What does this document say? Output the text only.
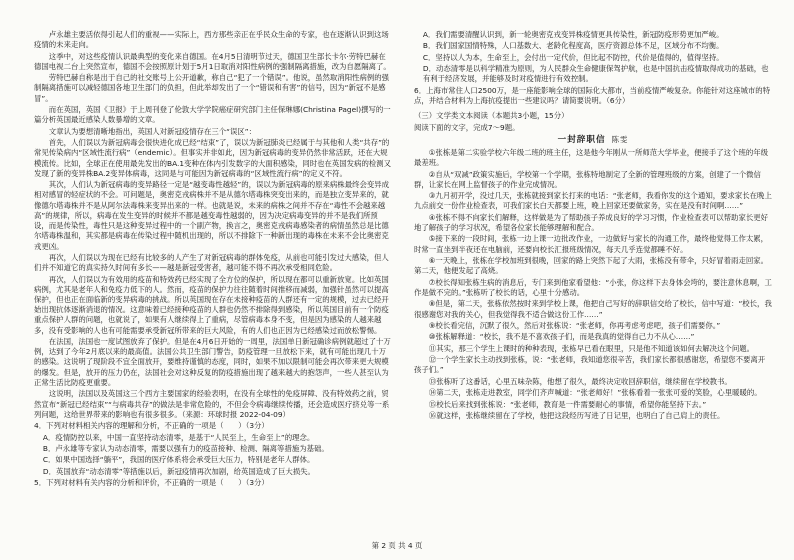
卢永雄主要活依得引起人们的重视——实际上，西方那些亲正在乎民众生命的专家，也在逐渐认识到这场疫情的未来走向。

这季中，对这些疫情认识最典型的变化来自德国。在4月5日清明节过天，德国卫生部长卡尔·劳特巴赫在德国电视二台上突然宣布，德国不会按照原计划于5月1日取消对阳性病例的强制隔离措施，改为自愿隔离了。

劳特巴赫自称是出于自己的社交账号上公开道歉，称自己“犯了一个错误”。他说，虽然取消阳性病例的强制隔离措施可以减轻德国各地卫生部门的负担，但此举却发出了一个“错误和有害”的信号，因为“新冠不是感冒”。

而在英国，英国《卫报》于上周刊登了伦敦大学学院癌症研究部门主任保琳娜(Christina Pagel)撰写的一篇分析英国最近感染人数暴增的文章。

文章认为要想清晰地指出，英国人对新冠疫情存在三个“误区”：

首先，人们误以为新冠病毒会很快进化成已经“结束”了，误以为新冠肺炎已经属于与其他和人类“共存”的常见传染病内“区域性流行病”（endemic）。但事实并非如此，因为新冠病毒的变异仍然非常活跃，还在大规模流传。比如，全球正在使用最先发出的BA.1变种在体内引发数字的大面积感染，同时也在英国发病的检测又发现了新的变异株BA.2变异体病毒，这同是与可能因为新冠病毒的“区域性流行病”的定义不符。

其次，人们认为新冠病毒的变异路径一定是“越变毒性越轻”的，误以为新冠病毒的原来病株最终会变异成相对感冒的轻症状的不会。可问题是，奥密克戎病株并不是从德尔塔毒株突变出来的，而是独立变异来的，就像德尔塔毒株并不是从阿尔法毒株来变异出来的一样。也就是说，未来的病株之间并不存在“毒性不会越来越高”的规律，所以，病毒在发生变异的时候并不都是越变毒性越弱的，因为决定病毒变异的并不是我们所预设，而是传染性，毒性只是这种变异过程中的一个副产物，换言之，奥密克戎病毒感染者的病情虽然总是比德尔塔毒株温和，其实都是病毒在传染过程中随机出现的，所以不排除下一种新出现的毒株在未来不会比奥密克戎更凶。

再次，人们误以为现在已经有比较多的人产生了对新冠病毒的群体免疫，从前也可能引发过大感染，但人们并不知道它的真实持久时间有多长——越是新冠受害者，越可能不得不再次承受相同危险。

再次，人们误以为有效用的疫苗和特效药已经实现了全方位的保护，所以现在都可以重新放宽。比如英国病例，尤其是老年人和免疫力低下的人。然而，疫苗的保护力往往随着时间推移而减弱，加强针虽然可以提高保护，但也正在面临新的变异病毒的挑战。所以英国现在存在未接种疫苗的人群还有一定的规模，过去已经开始出现抗体逐渐消退的情况。这意味着已经接种疫苗的人群也仍然不排除得到感染，所以英国目前有一个防疫重点保护人群的问题，也就说了，如果有人继续得上了重病，尽管病毒本身不变，但是因为感染的人越来越多，没有受影响的人也有可能需要承受新冠所带来的巨大风险，有的人们也正因为已经感染过而放松警惕。

在法国，法国也一度试图放弃了保护。但是在4月6日开始的一周里，法国单日新冠确诊病例就超过了十万例，达到了今年2月底以来的最高值。法国公共卫生部门警告，防疫管理一旦放松下来，就有可能出现几十万的感染。这说明了现阶段不宜全面放开，要维持谨慎的态度，同时，如果不加以限制可能会再次带来更大规模的爆发。但是，放开的压力仍在，法国社会对这种反复的防疫措施出现了越来越大的抱怨声，一些人甚至认为正常生活比防疫更重要。

这说明，法国以及英国这三个西方主要国家的经验表明，在没有全球性的免疫屏障、没有特效药之前，贸然宣布“新冠已经结束”“与病毒共存”的做法是非常危险的，不但会令病毒继续传播，还会造成医疗挤兑等一系列问题，这给世界带来的影响也有很多很多。（来源：环球时报 2022-04-09）

4．下列对材料相关内容的理解和分析，不正确的一项是（　　）（3分）

A．疫情防控以来，中国一直坚持动态清零，是基于“人民至上，生命至上”的理念。

B．卢永雄等专家认为动态清零，需要以强有力的疫苗接种、检测、隔离等措施为基础。

C．如果中国选择“躺平”，我国的医疗体系将会承受巨大压力，特别是老年人群体。

D．英国放弃“动态清零”等措施以后，新冠疫情再次加剧，给英国造成了巨大损失。

5．下列对材料有关内容的分析和评价，不正确的一项是（　　）（3分）

A．我们需要清醒认识到，新一轮奥密克戎变异株疫情更具传染性，新冠防疫形势更加严峻。

B．我们国家国情特殊，人口基数大、老龄化程度高，医疗资源总体不足，区域分布不均衡。

C．坚持以人为本，生命至上，会付出一定代价，但比起不防控，代价是值得的，值得坚持。

D．动态清零是以科学精准为原则，为人民群众生命健康保驾护航，也是中国抗击疫情取得成功的基础，也有利于经济发展，并能够及时对疫情进行有效控制。

6．上海市常住人口2500万，是一座能影响全球的国际化大都市，当前疫情严峻复杂。你能针对这座城市的特点，并结合材料为上海抗疫提出一些建议吗？请简要说明。（6分）

（三）文学类文本阅读（本题共3小题，15分）

阅读下面的文字，完成7～9题。

一封辞职信 陈雯

①张栋是第二实验学校六年级二班的班主任，这是他今年刚从一所师范大学毕业，便接手了这个班的年级最差班。

②自从“双减”政策实施后，学校第一个学期，张栋特地制定了全新的管理班级的方案，创建了一个微信群，让家长在网上监督孩子的作业完成情况。

③九月初开学，没过几天，张栋就接到家长打来的电话：“张老师，我看你发的这个通知，要求家长在晚上九点前交一份作业检查表，可我们家长白天都要上班，晚上回家还要做家务，实在是没有时间啊……”

④张栋不得不向家长们解释，这样做是为了帮助孩子养成良好的学习习惯，作业检查表可以帮助家长更好地了解孩子的学习状况，希望各位家长能够理解和配合。

⑤接下来的一段时间，张栋一边上课一边批改作业，一边做好与家长的沟通工作，最终他觉得工作太累，时常一直坐到半夜还在电脑前，还要向校长汇报班级情况，每天几乎连觉都睡不好。

⑥一天晚上，张栋在学校加班到很晚，回家的路上突然下起了大雨，张栋没有带伞，只好冒着雨走回家。第二天，他便发起了高烧。

⑦校长得知张栋生病的消息后，专门来到他家看望他：“小张，你这样下去身体会垮的，要注意休息啊，工作是做不完的。”张栋听了校长的话，心里十分感动。

⑧但是，第二天，张栋依然按时来到学校上课，他把自己写好的辞职信交给了校长，信中写道：“校长，我很感谢您对我的关心，但我觉得我不适合做这份工作……”

⑨校长看完信，沉默了很久，然后对张栋说：“张老师，你再考虑考虑吧，孩子们需要你。”

⑩张栋解释道：“校长，我不是不喜欢孩子们，而是我真的觉得自己力不从心……”

⑪其实，那三个学生上课时的种种表现，张栋早已看在眼里，只是他不知道该如何去解决这个问题。

⑫一个学生家长主动找到张栋，说：“张老师，我知道您很辛苦，我们家长都很感谢您，希望您不要离开孩子们。”

⑬张栋听了这番话，心里五味杂陈，他想了很久，最终决定收回辞职信，继续留在学校教书。

⑭第二天，张栋走进教室，同学们齐声喊道：“张老师好！”张栋看着一张张可爱的笑脸，心里暖暖的。

⑮校长后来找到张栋说：“张老师，教育是一件需要耐心的事情，希望你能坚持下去。”

⑯就这样，张栋继续留在了学校，他把这段经历写进了日记里，也明白了自己肩上的责任。

第 2 页 共 4 页
